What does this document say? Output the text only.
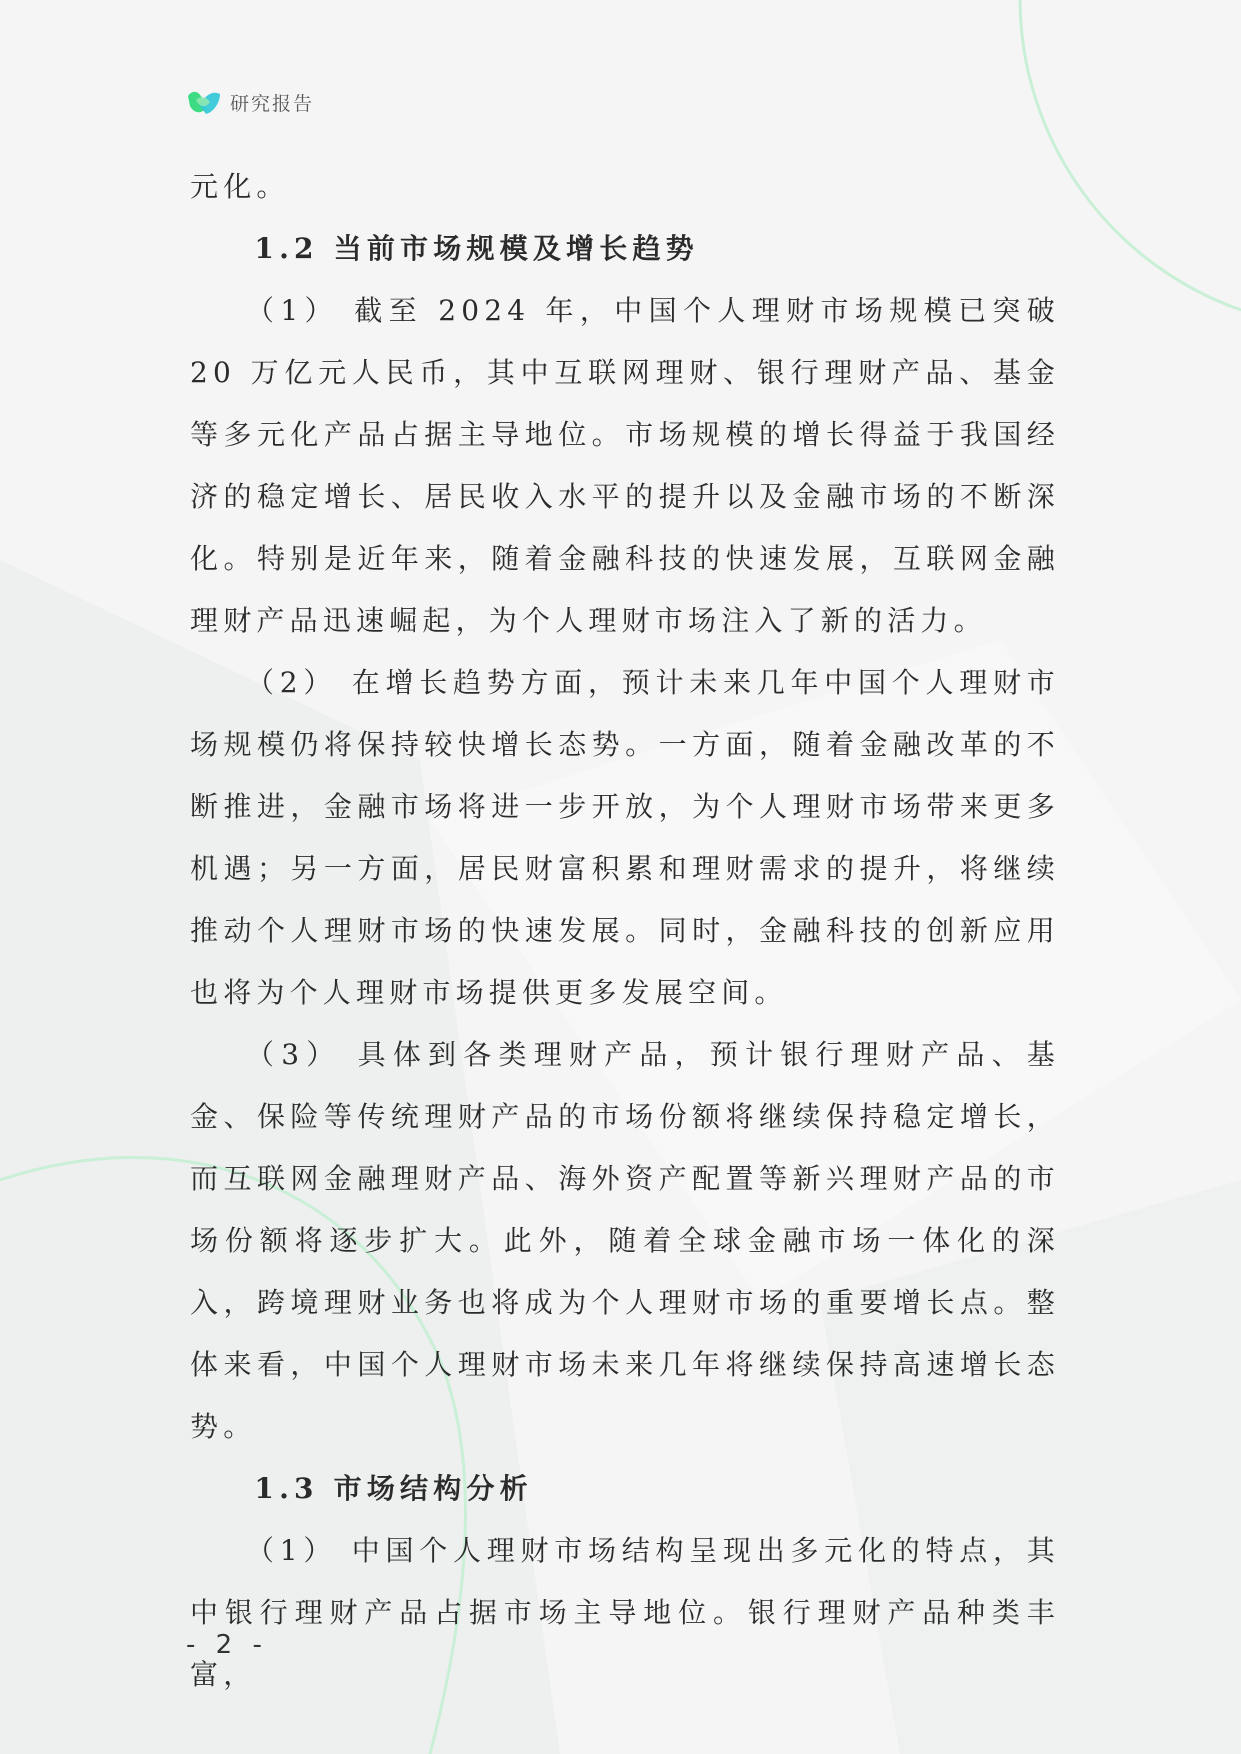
研究报告

元化。

1.2 当前市场规模及增长趋势

（1） 截至 2024 年，中国个人理财市场规模已突破 20 万亿元人民币，其中互联网理财、银行理财产品、基金等多元化产品占据主导地位。市场规模的增长得益于我国经济的稳定增长、居民收入水平的提升以及金融市场的不断深化。特别是近年来，随着金融科技的快速发展，互联网金融理财产品迅速崛起，为个人理财市场注入了新的活力。

（2） 在增长趋势方面，预计未来几年中国个人理财市场规模仍将保持较快增长态势。一方面，随着金融改革的不断推进，金融市场将进一步开放，为个人理财市场带来更多机遇；另一方面，居民财富积累和理财需求的提升，将继续推动个人理财市场的快速发展。同时，金融科技的创新应用也将为个人理财市场提供更多发展空间。

（3） 具体到各类理财产品，预计银行理财产品、基金、保险等传统理财产品的市场份额将继续保持稳定增长，而互联网金融理财产品、海外资产配置等新兴理财产品的市场份额将逐步扩大。此外，随着全球金融市场一体化的深入，跨境理财业务也将成为个人理财市场的重要增长点。整体来看，中国个人理财市场未来几年将继续保持高速增长态势。

1.3 市场结构分析

（1） 中国个人理财市场结构呈现出多元化的特点，其中银行理财产品占据市场主导地位。银行理财产品种类丰富，

- 2 -
